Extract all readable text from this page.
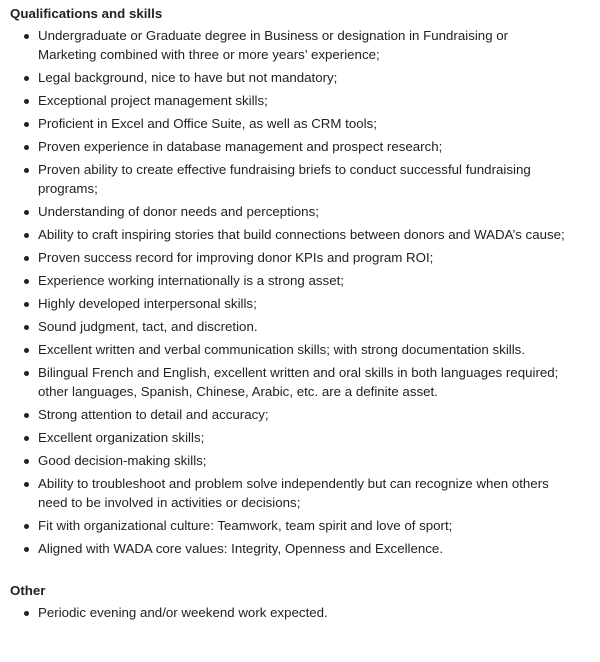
Qualifications and skills
Undergraduate or Graduate degree in Business or designation in Fundraising or Marketing combined with three or more years’ experience;
Legal background, nice to have but not mandatory;
Exceptional project management skills;
Proficient in Excel and Office Suite, as well as CRM tools;
Proven experience in database management and prospect research;
Proven ability to create effective fundraising briefs to conduct successful fundraising programs;
Understanding of donor needs and perceptions;
Ability to craft inspiring stories that build connections between donors and WADA’s cause;
Proven success record for improving donor KPIs and program ROI;
Experience working internationally is a strong asset;
Highly developed interpersonal skills;
Sound judgment, tact, and discretion.
Excellent written and verbal communication skills; with strong documentation skills.
Bilingual French and English, excellent written and oral skills in both languages required; other languages, Spanish, Chinese, Arabic, etc. are a definite asset.
Strong attention to detail and accuracy;
Excellent organization skills;
Good decision-making skills;
Ability to troubleshoot and problem solve independently but can recognize when others need to be involved in activities or decisions;
Fit with organizational culture: Teamwork, team spirit and love of sport;
Aligned with WADA core values: Integrity, Openness and Excellence.
Other
Periodic evening and/or weekend work expected.
